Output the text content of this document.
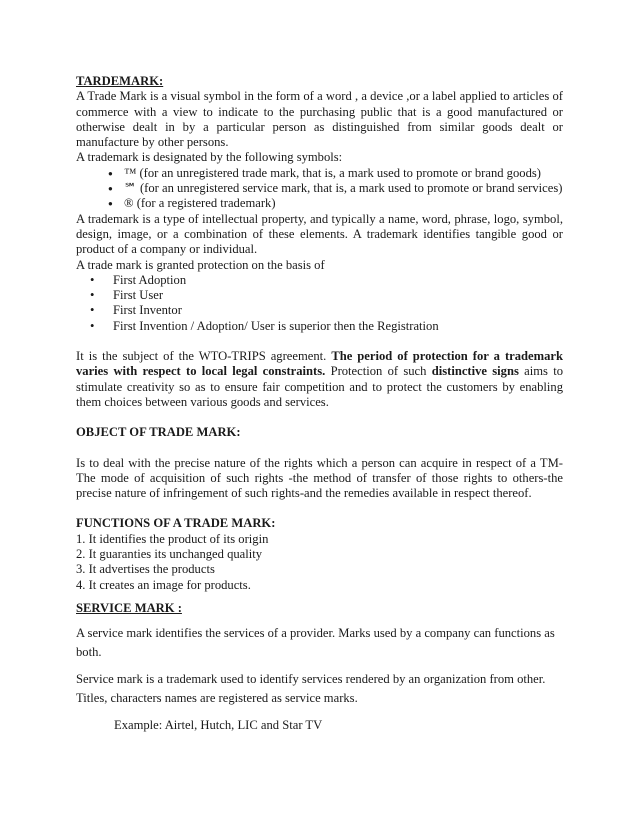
TARDEMARK:

A Trade Mark is a visual symbol in the form of a word , a device ,or a label applied to articles of commerce with a view to indicate to the purchasing public that is a good manufactured or otherwise dealt in by a particular person as distinguished from similar goods dealt or manufacture by other persons.

A trademark is designated by the following symbols:

● ™ (for an unregistered trade mark, that is, a mark used to promote or brand goods)
● ℠ (for an unregistered service mark, that is, a mark used to promote or brand services)
● ® (for a registered trademark)

A trademark is a type of intellectual property, and typically a name, word, phrase, logo, symbol, design, image, or a combination of these elements. A trademark identifies tangible good or product of a company or individual.

A trade mark is granted protection on the basis of

• First Adoption
• First User
• First Inventor
• First Invention / Adoption/ User is superior then the Registration

It is the subject of the WTO-TRIPS agreement. The period of protection for a trademark varies with respect to local legal constraints. Protection of such distinctive signs aims to stimulate creativity so as to ensure fair competition and to protect the customers by enabling them choices between various goods and services.

OBJECT OF TRADE MARK:

Is to deal with the precise nature of the rights which a person can acquire in respect of a TM-The mode of acquisition of such rights -the method of transfer of those rights to others-the precise nature of infringement of such rights-and the remedies available in respect thereof.

FUNCTIONS OF A TRADE MARK:

1. It identifies the product of its origin

2. It guaranties its unchanged quality

3. It advertises the products

4. It creates an image for products.

SERVICE MARK :

A service mark identifies the services of a provider. Marks used by a company can functions as both.

Service mark is a trademark used to identify services rendered by an organization from other. Titles, characters names are registered as service marks.

Example: Airtel, Hutch, LIC and Star TV
